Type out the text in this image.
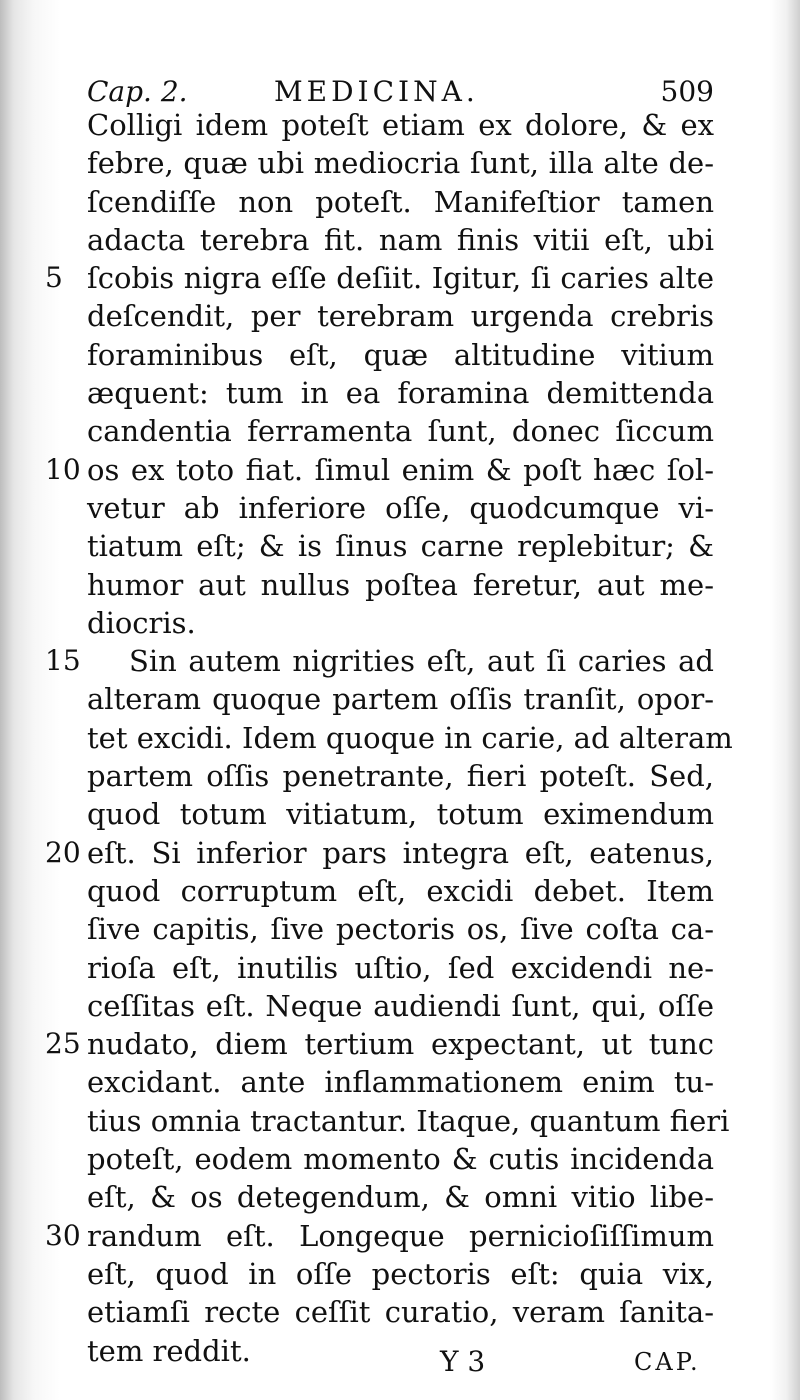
Cap. 2.	MEDICINA.	509
Colligi idem poteſt etiam ex dolore, & ex
febre, quæ ubi mediocria ſunt, illa alte de-
ſcendiſſe non poteſt. Manifeſtior tamen
adacta terebra fit. nam finis vitii eſt, ubi
5 ſcobis nigra eſſe deſiit. Igitur, ſi caries alte
deſcendit, per terebram urgenda crebris
foraminibus eſt, quæ altitudine vitium
æquent: tum in ea foramina demittenda
candentia ferramenta ſunt, donec ſiccum
10 os ex toto fiat. ſimul enim & poſt hæc ſol-
vetur ab inferiore oſſe, quodcumque vi-
tiatum eſt; & is ſinus carne replebitur; &
humor aut nullus poſtea feretur, aut me-
diocris.
15 Sin autem nigrities eſt, aut ſi caries ad
alteram quoque partem oſſis tranſit, opor-
tet excidi. Idem quoque in carie, ad alteram
partem oſſis penetrante, fieri poteſt. Sed,
quod totum vitiatum, totum eximendum
20 eſt. Si inferior pars integra eſt, eatenus,
quod corruptum eſt, excidi debet. Item
ſive capitis, ſive pectoris os, ſive coſta ca-
rioſa eſt, inutilis uſtio, ſed excidendi ne-
ceſſitas eſt. Neque audiendi ſunt, qui, oſſe
25 nudato, diem tertium expectant, ut tunc
excidant. ante inflammationem enim tu-
tius omnia tractantur. Itaque, quantum fieri
poteſt, eodem momento & cutis incidenda
eſt, & os detegendum, & omni vitio libe-
30 randum eſt. Longeque pernicioſiſſimum
eſt, quod in oſſe pectoris eſt: quia vix,
etiamſi recte ceſſit curatio, veram ſanita-
tem reddit.	Y 3	CAP.
